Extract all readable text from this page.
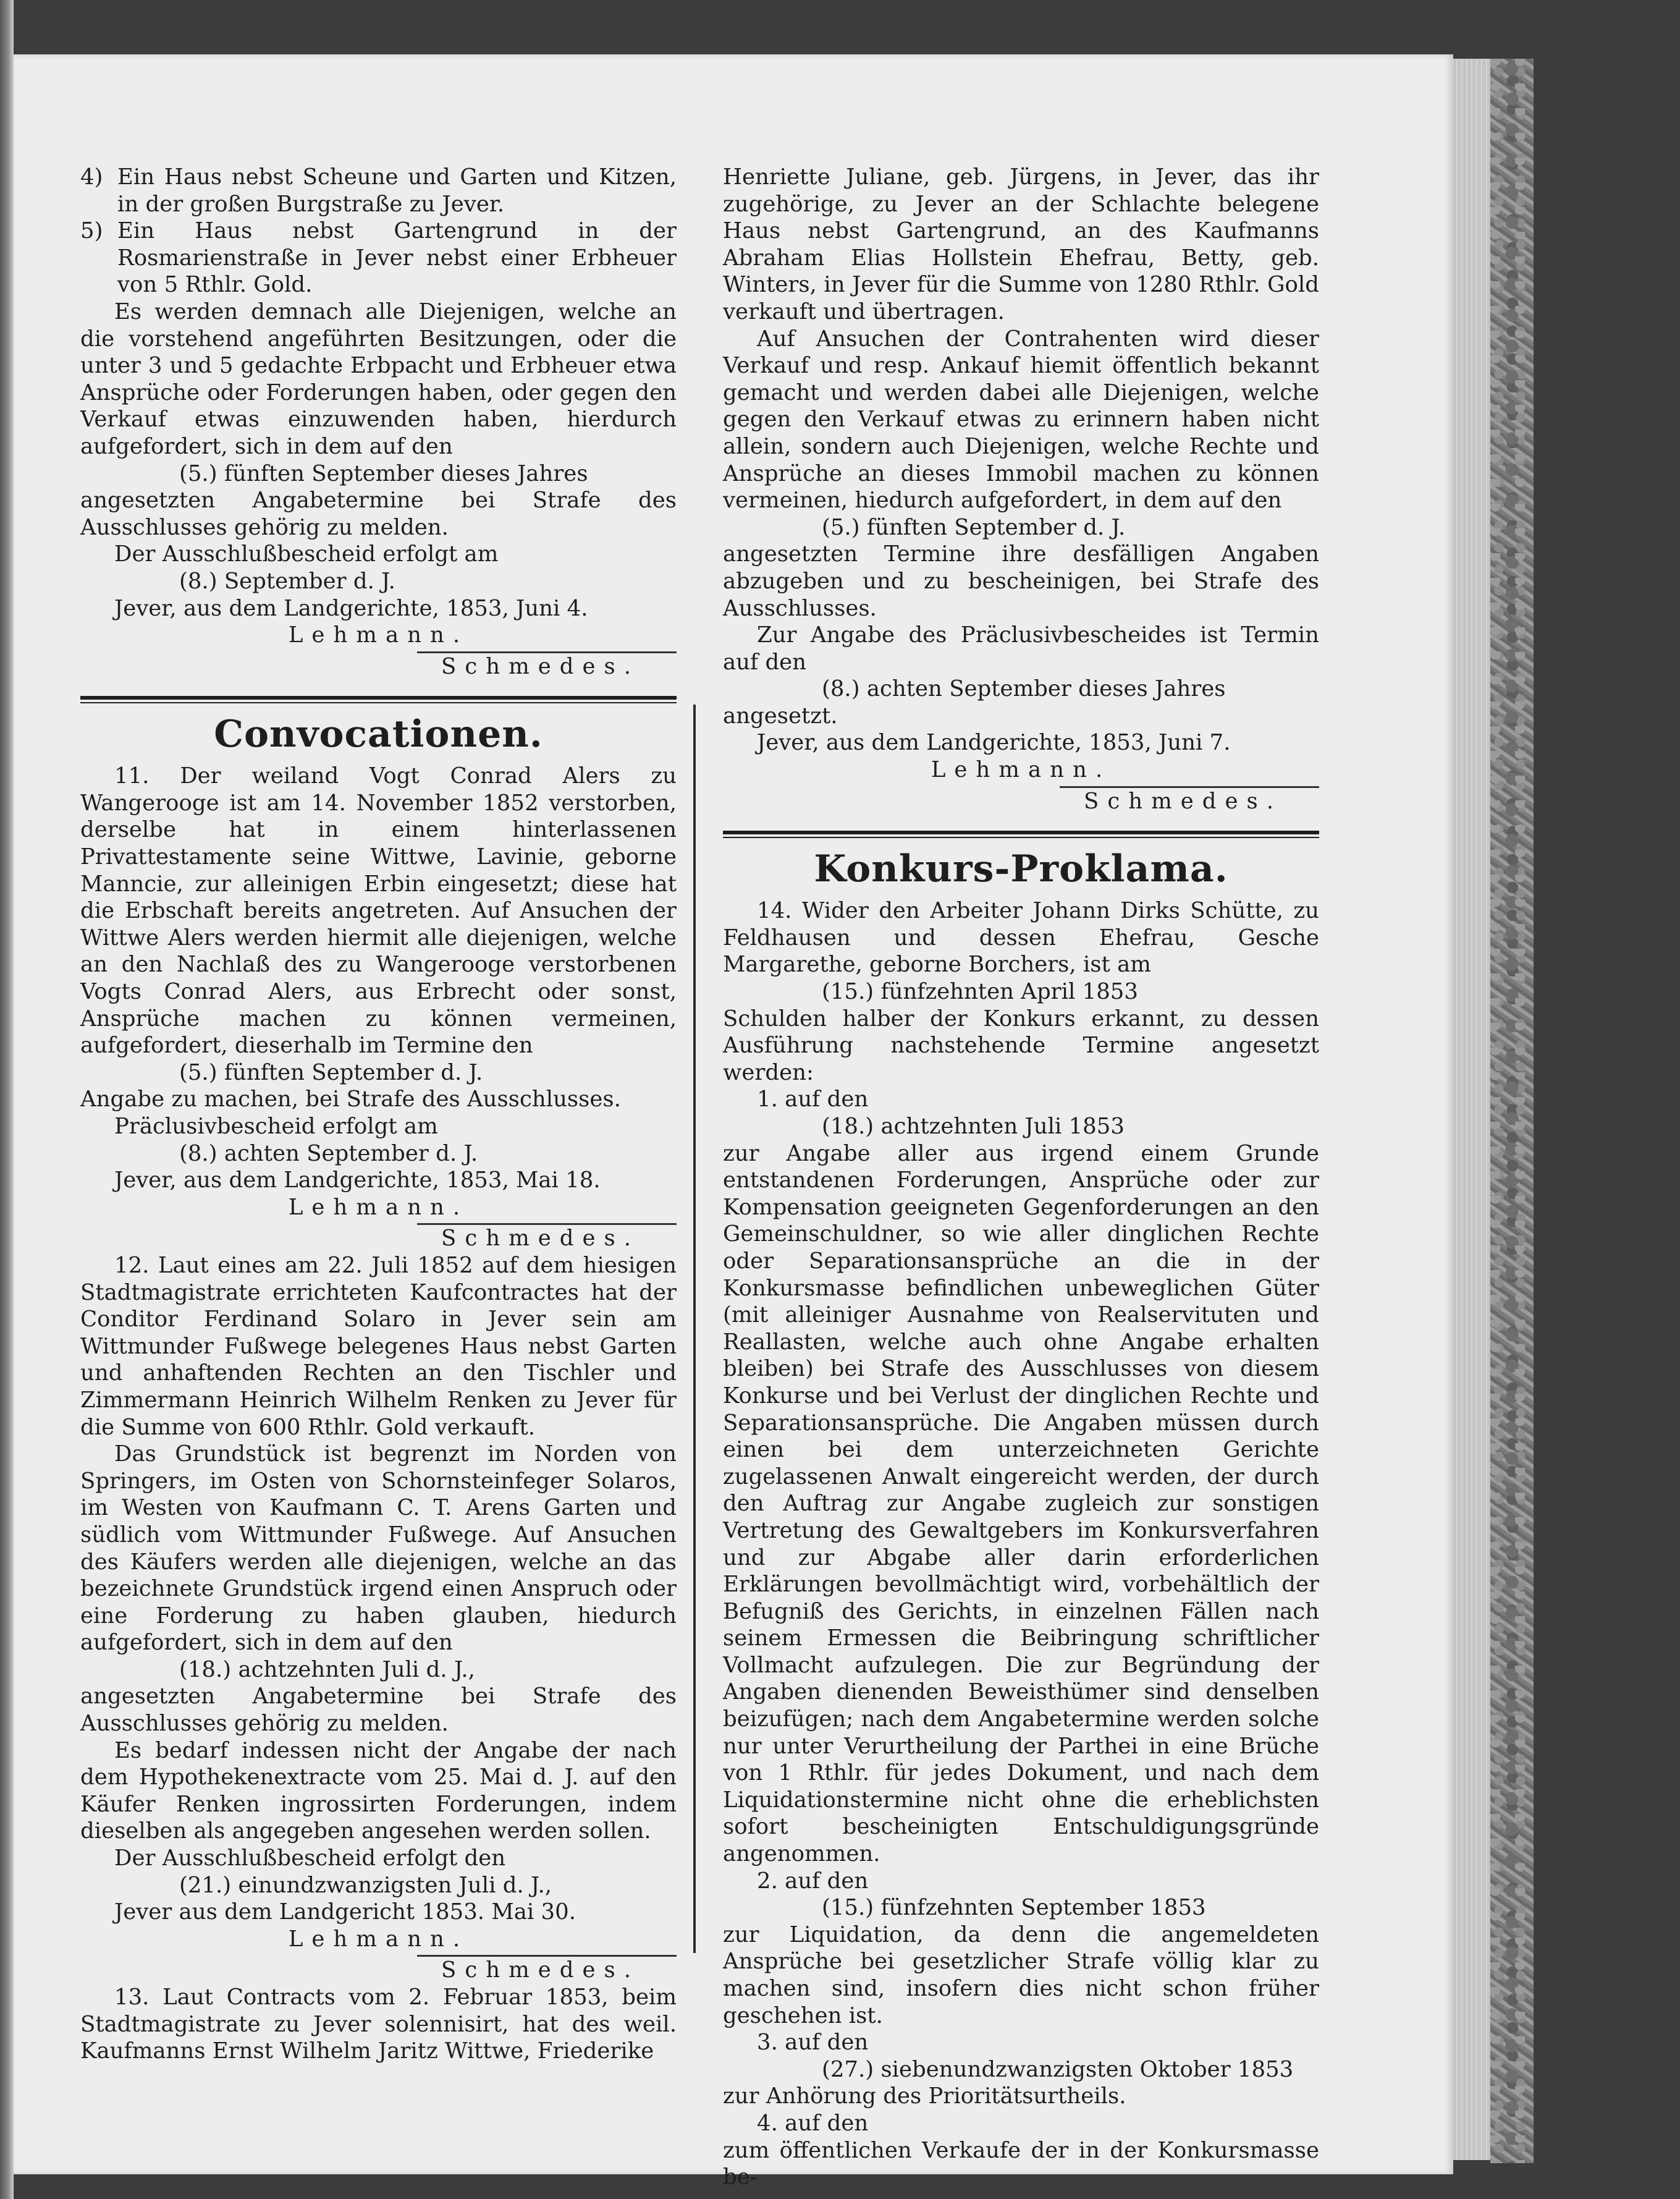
4) Ein Haus nebst Scheune und Garten und Kitzen, in der großen Burgstraße zu Jever.
5) Ein Haus nebst Gartengrund in der Rosmarienstraße in Jever nebst einer Erbheuer von 5 Rthlr. Gold.

Es werden demnach alle Diejenigen, welche an die vorstehend angeführten Besitzungen, oder die unter 3 und 5 gedachte Erbpacht und Erbheuer etwa Ansprüche oder Forderungen haben, oder gegen den Verkauf etwas einzuwenden haben, hierdurch aufgefordert, sich in dem auf den

(5.) fünften September dieses Jahres

angesetzten Angabetermine bei Strafe des Ausschlusses gehörig zu melden.

Der Ausschlußbescheid erfolgt am

(8.) September d. J.

Jever, aus dem Landgerichte, 1853, Juni 4.

Lehmann.

Schmedes.

Convocationen.

11. Der weiland Vogt Conrad Alers zu Wangerooge ist am 14. November 1852 verstorben, derselbe hat in einem hinterlassenen Privattestamente seine Wittwe, Lavinie, geborne Manncie, zur alleinigen Erbin eingesetzt; diese hat die Erbschaft bereits angetreten. Auf Ansuchen der Wittwe Alers werden hiermit alle diejenigen, welche an den Nachlaß des zu Wangerooge verstorbenen Vogts Conrad Alers, aus Erbrecht oder sonst, Ansprüche machen zu können vermeinen, aufgefordert, dieserhalb im Termine den

(5.) fünften September d. J.

Angabe zu machen, bei Strafe des Ausschlusses.

Präclusivbescheid erfolgt am

(8.) achten September d. J.

Jever, aus dem Landgerichte, 1853, Mai 18.

Lehmann.

Schmedes.

12. Laut eines am 22. Juli 1852 auf dem hiesigen Stadtmagistrate errichteten Kaufcontractes hat der Conditor Ferdinand Solaro in Jever sein am Wittmunder Fußwege belegenes Haus nebst Garten und anhaftenden Rechten an den Tischler und Zimmermann Heinrich Wilhelm Renken zu Jever für die Summe von 600 Rthlr. Gold verkauft.

Das Grundstück ist begrenzt im Norden von Springers, im Osten von Schornsteinfeger Solaros, im Westen von Kaufmann C. T. Arens Garten und südlich vom Wittmunder Fußwege. Auf Ansuchen des Käufers werden alle diejenigen, welche an das bezeichnete Grundstück irgend einen Anspruch oder eine Forderung zu haben glauben, hiedurch aufgefordert, sich in dem auf den

(18.) achtzehnten Juli d. J.,

angesetzten Angabetermine bei Strafe des Ausschlusses gehörig zu melden.

Es bedarf indessen nicht der Angabe der nach dem Hypothekenextracte vom 25. Mai d. J. auf den Käufer Renken ingrossirten Forderungen, indem dieselben als angegeben angesehen werden sollen.

Der Ausschlußbescheid erfolgt den

(21.) einundzwanzigsten Juli d. J.,

Jever aus dem Landgericht 1853. Mai 30.

Lehmann.

Schmedes.

13. Laut Contracts vom 2. Februar 1853, beim Stadtmagistrate zu Jever solennisirt, hat des weil. Kaufmanns Ernst Wilhelm Jaritz Wittwe, Friederike

Henriette Juliane, geb. Jürgens, in Jever, das ihr zugehörige, zu Jever an der Schlachte belegene Haus nebst Gartengrund, an des Kaufmanns Abraham Elias Hollstein Ehefrau, Betty, geb. Winters, in Jever für die Summe von 1280 Rthlr. Gold verkauft und übertragen.

Auf Ansuchen der Contrahenten wird dieser Verkauf und resp. Ankauf hiemit öffentlich bekannt gemacht und werden dabei alle Diejenigen, welche gegen den Verkauf etwas zu erinnern haben nicht allein, sondern auch Diejenigen, welche Rechte und Ansprüche an dieses Immobil machen zu können vermeinen, hiedurch aufgefordert, in dem auf den

(5.) fünften September d. J.

angesetzten Termine ihre desfälligen Angaben abzugeben und zu bescheinigen, bei Strafe des Ausschlusses.

Zur Angabe des Präclusivbescheides ist Termin auf den

(8.) achten September dieses Jahres

angesetzt.

Jever, aus dem Landgerichte, 1853, Juni 7.

Lehmann.

Schmedes.

Konkurs-Proklama.

14. Wider den Arbeiter Johann Dirks Schütte, zu Feldhausen und dessen Ehefrau, Gesche Margarethe, geborne Borchers, ist am

(15.) fünfzehnten April 1853

Schulden halber der Konkurs erkannt, zu dessen Ausführung nachstehende Termine angesetzt werden:

1. auf den

(18.) achtzehnten Juli 1853

zur Angabe aller aus irgend einem Grunde entstandenen Forderungen, Ansprüche oder zur Kompensation geeigneten Gegenforderungen an den Gemeinschuldner, so wie aller dinglichen Rechte oder Separationsansprüche an die in der Konkursmasse befindlichen unbeweglichen Güter (mit alleiniger Ausnahme von Realservituten und Reallasten, welche auch ohne Angabe erhalten bleiben) bei Strafe des Ausschlusses von diesem Konkurse und bei Verlust der dinglichen Rechte und Separationsansprüche. Die Angaben müssen durch einen bei dem unterzeichneten Gerichte zugelassenen Anwalt eingereicht werden, der durch den Auftrag zur Angabe zugleich zur sonstigen Vertretung des Gewaltgebers im Konkursverfahren und zur Abgabe aller darin erforderlichen Erklärungen bevollmächtigt wird, vorbehältlich der Befugniß des Gerichts, in einzelnen Fällen nach seinem Ermessen die Beibringung schriftlicher Vollmacht aufzulegen. Die zur Begründung der Angaben dienenden Beweisthümer sind denselben beizufügen; nach dem Angabetermine werden solche nur unter Verurtheilung der Parthei in eine Brüche von 1 Rthlr. für jedes Dokument, und nach dem Liquidationstermine nicht ohne die erheblichsten sofort bescheinigten Entschuldigungsgründe angenommen.

2. auf den

(15.) fünfzehnten September 1853

zur Liquidation, da denn die angemeldeten Ansprüche bei gesetzlicher Strafe völlig klar zu machen sind, insofern dies nicht schon früher geschehen ist.

3. auf den

(27.) siebenundzwanzigsten Oktober 1853

zur Anhörung des Prioritätsurtheils.

4. auf den

zum öffentlichen Verkaufe der in der Konkursmasse be-
